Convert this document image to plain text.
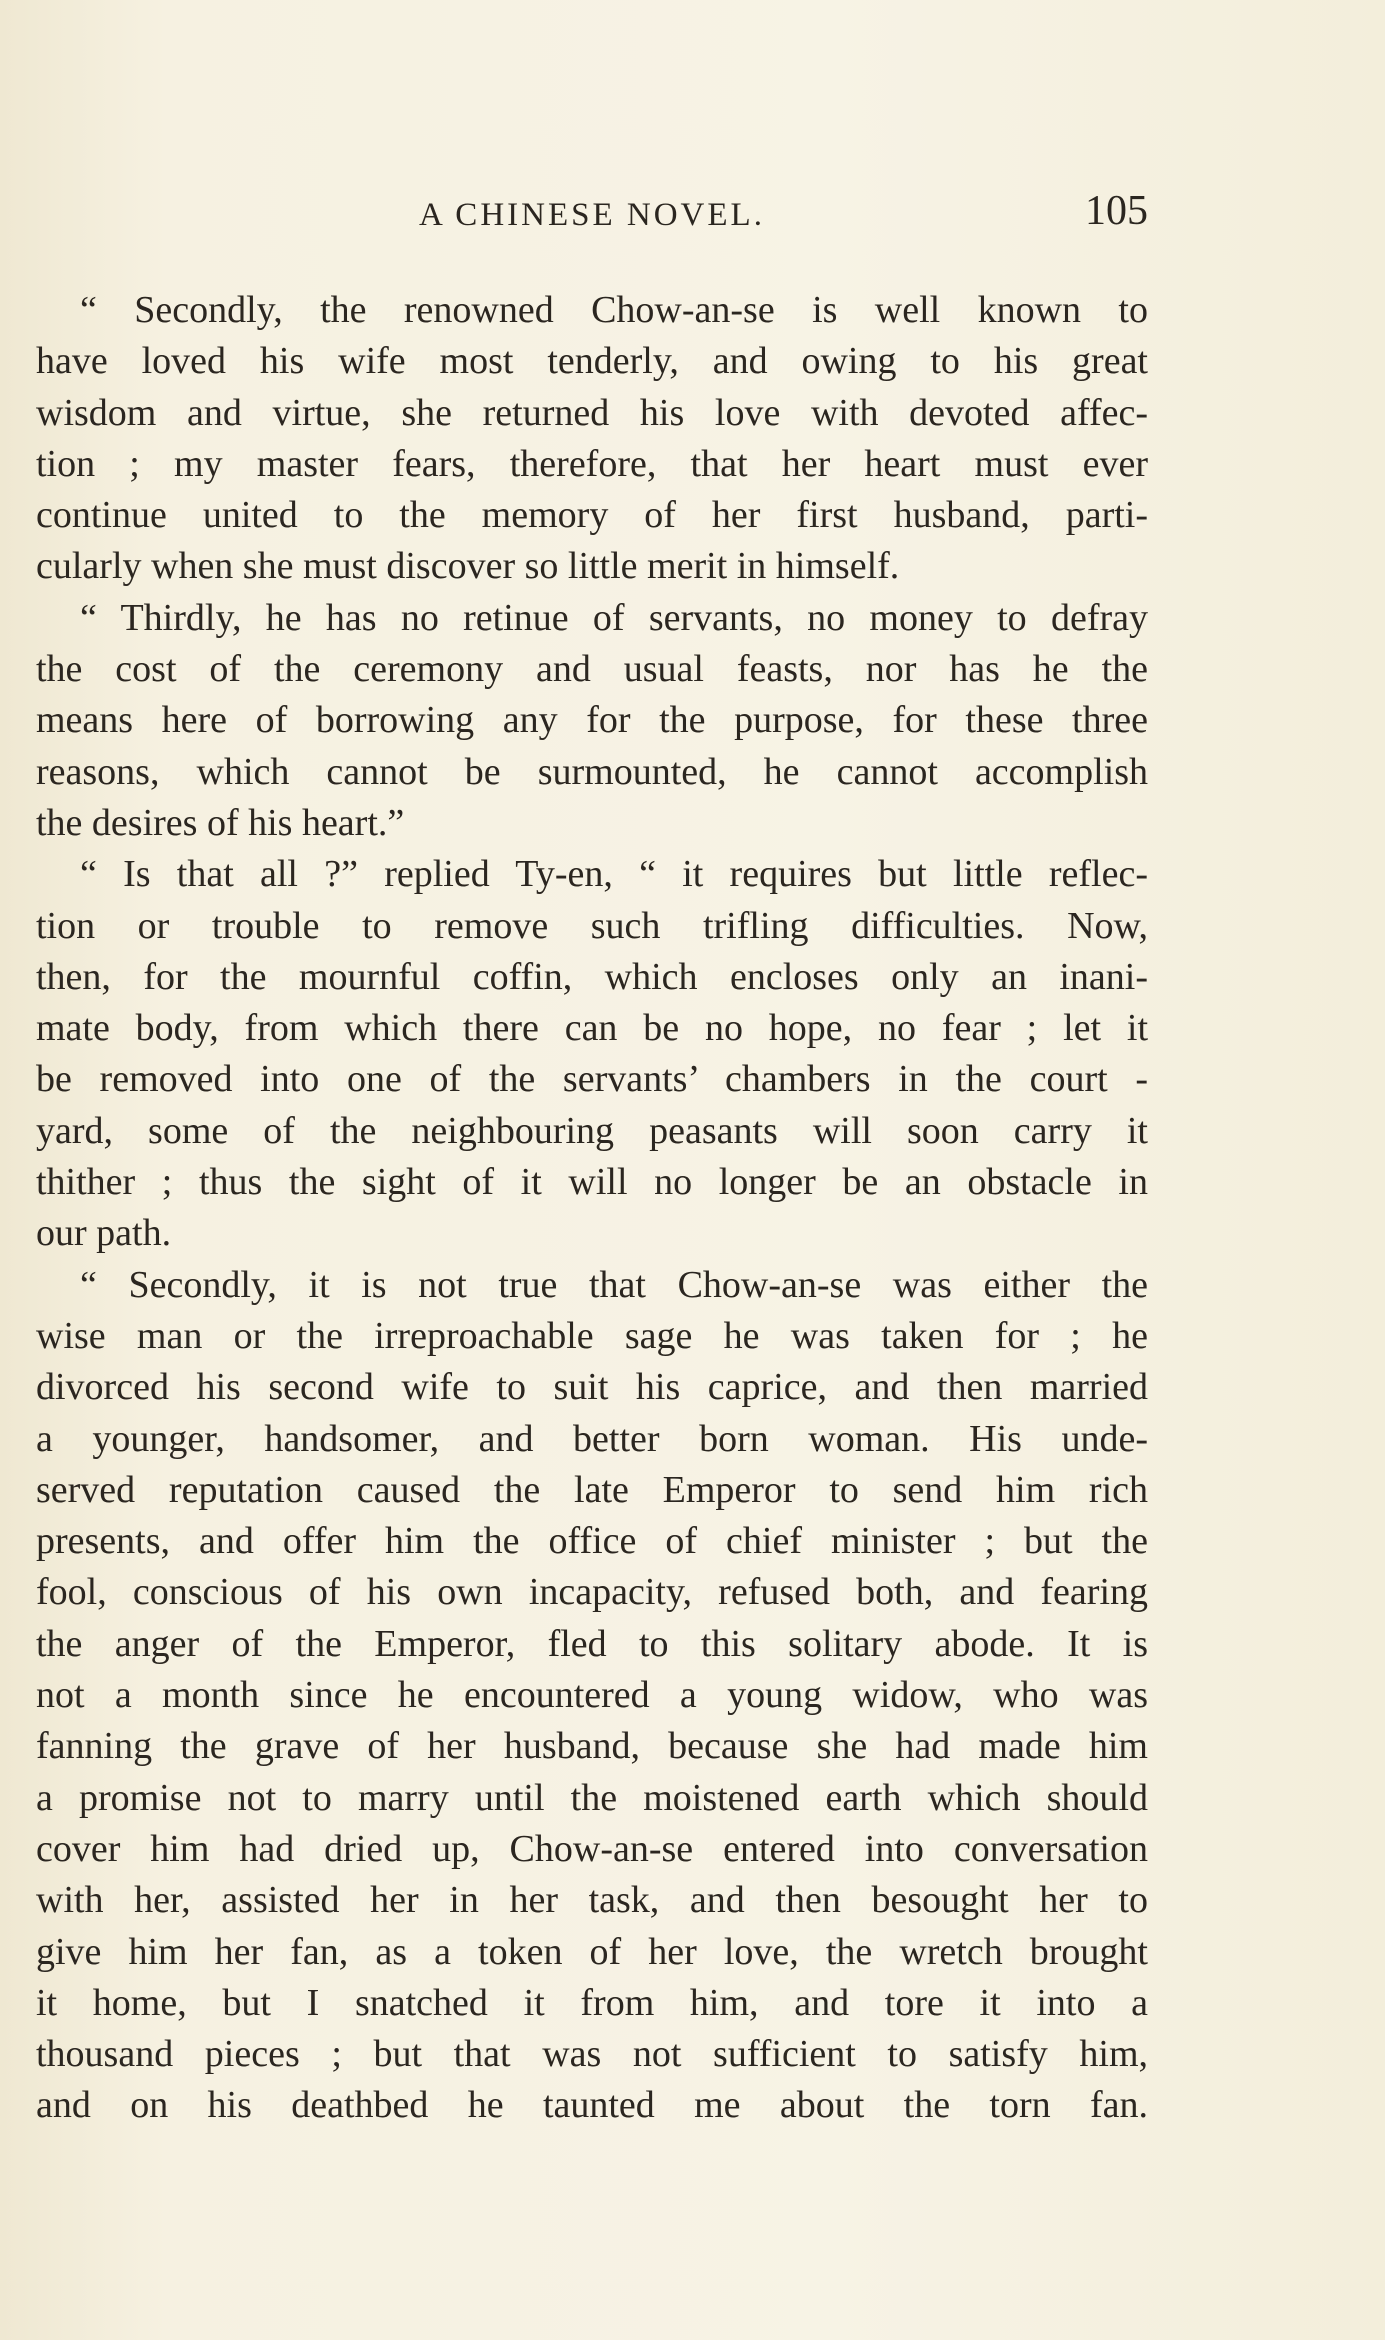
A CHINESE NOVEL.	105
“ Secondly, the renowned Chow-an-se is well known to
have loved his wife most tenderly, and owing to his great
wisdom and virtue, she returned his love with devoted affec-
tion ; my master fears, therefore, that her heart must ever
continue united to the memory of her first husband, parti-
cularly when she must discover so little merit in himself.
“ Thirdly, he has no retinue of servants, no money to defray
the cost of the ceremony and usual feasts, nor has he the
means here of borrowing any for the purpose, for these three
reasons, which cannot be surmounted, he cannot accomplish
the desires of his heart.”
“ Is that all ?” replied Ty-en, “ it requires but little reflec-
tion or trouble to remove such trifling difficulties. Now,
then, for the mournful coffin, which encloses only an inani-
mate body, from which there can be no hope, no fear ; let it
be removed into one of the servants’ chambers in the court -
yard, some of the neighbouring peasants will soon carry it
thither ; thus the sight of it will no longer be an obstacle in
our path.
“ Secondly, it is not true that Chow-an-se was either the
wise man or the irreproachable sage he was taken for ; he
divorced his second wife to suit his caprice, and then married
a younger, handsomer, and better born woman. His unde-
served reputation caused the late Emperor to send him rich
presents, and offer him the office of chief minister ; but the
fool, conscious of his own incapacity, refused both, and fearing
the anger of the Emperor, fled to this solitary abode. It is
not a month since he encountered a young widow, who was
fanning the grave of her husband, because she had made him
a promise not to marry until the moistened earth which should
cover him had dried up, Chow-an-se entered into conversation
with her, assisted her in her task, and then besought her to
give him her fan, as a token of her love, the wretch brought
it home, but I snatched it from him, and tore it into a
thousand pieces ; but that was not sufficient to satisfy him,
and on his deathbed he taunted me about the torn fan.
